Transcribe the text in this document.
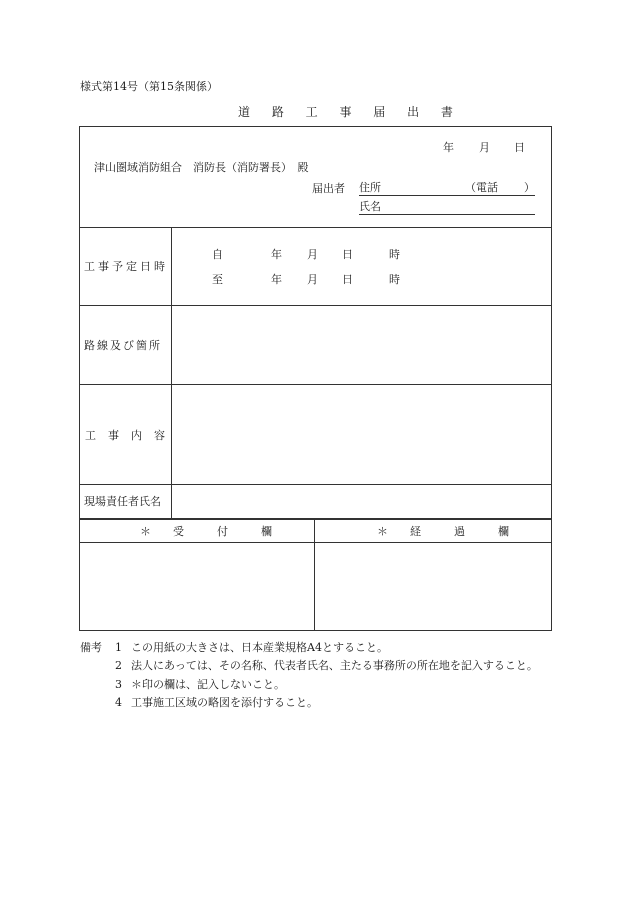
様式第14号（第15条関係）
道 路 工 事 届 出 書
年 月 日
津山圏域消防組合　消防長（消防署長）　殿
届出者 住所	（電話 ）
氏名
工事予定日時
自	年 月 日	時
至	年 月 日	時
路線及び箇所
工　事　内　容
現場責任者氏名
＊　　受　　　付　　　欄	＊　　経　　　過　　　欄
備考 1 この用紙の大きさは、日本産業規格A4とすること。
2 法人にあっては、その名称、代表者氏名、主たる事務所の所在地を記入すること。
3 ＊印の欄は、記入しないこと。
4 工事施工区域の略図を添付すること。
